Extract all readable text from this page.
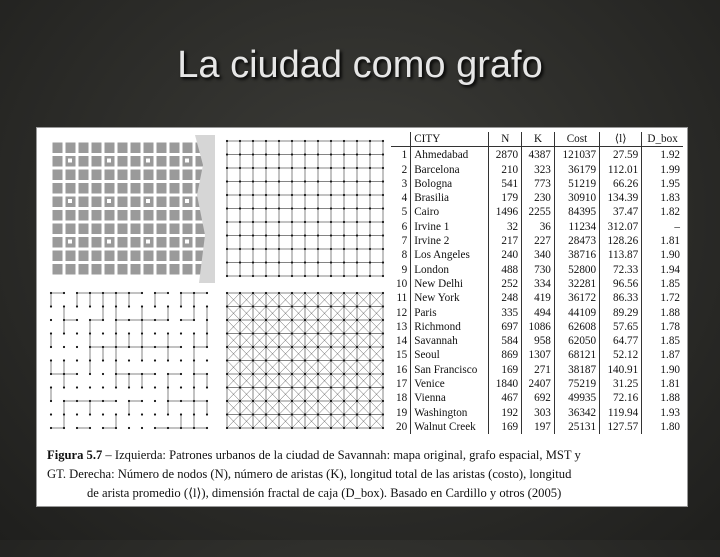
La ciudad como grafo
	CITY	N	K	Cost	⟨l⟩	D_box
1	Ahmedabad	2870	4387	121037	27.59	1.92
2	Barcelona	210	323	36179	112.01	1.99
3	Bologna	541	773	51219	66.26	1.95
4	Brasilia	179	230	30910	134.39	1.83
5	Cairo	1496	2255	84395	37.47	1.82
6	Irvine 1	32	36	11234	312.07	–
7	Irvine 2	217	227	28473	128.26	1.81
8	Los Angeles	240	340	38716	113.87	1.90
9	London	488	730	52800	72.33	1.94
10	New Delhi	252	334	32281	96.56	1.85
11	New York	248	419	36172	86.33	1.72
12	Paris	335	494	44109	89.29	1.88
13	Richmond	697	1086	62608	57.65	1.78
14	Savannah	584	958	62050	64.77	1.85
15	Seoul	869	1307	68121	52.12	1.87
16	San Francisco	169	271	38187	140.91	1.90
17	Venice	1840	2407	75219	31.25	1.81
18	Vienna	467	692	49935	72.16	1.88
19	Washington	192	303	36342	119.94	1.93
20	Walnut Creek	169	197	25131	127.57	1.80
Figura 5.7 – Izquierda: Patrones urbanos de la ciudad de Savannah: mapa original, grafo espacial, MST y
GT. Derecha: Número de nodos (N), número de aristas (K), longitud total de las aristas (costo), longitud
de arista promedio (⟨l⟩), dimensión fractal de caja (D_box). Basado en Cardillo y otros (2005)
